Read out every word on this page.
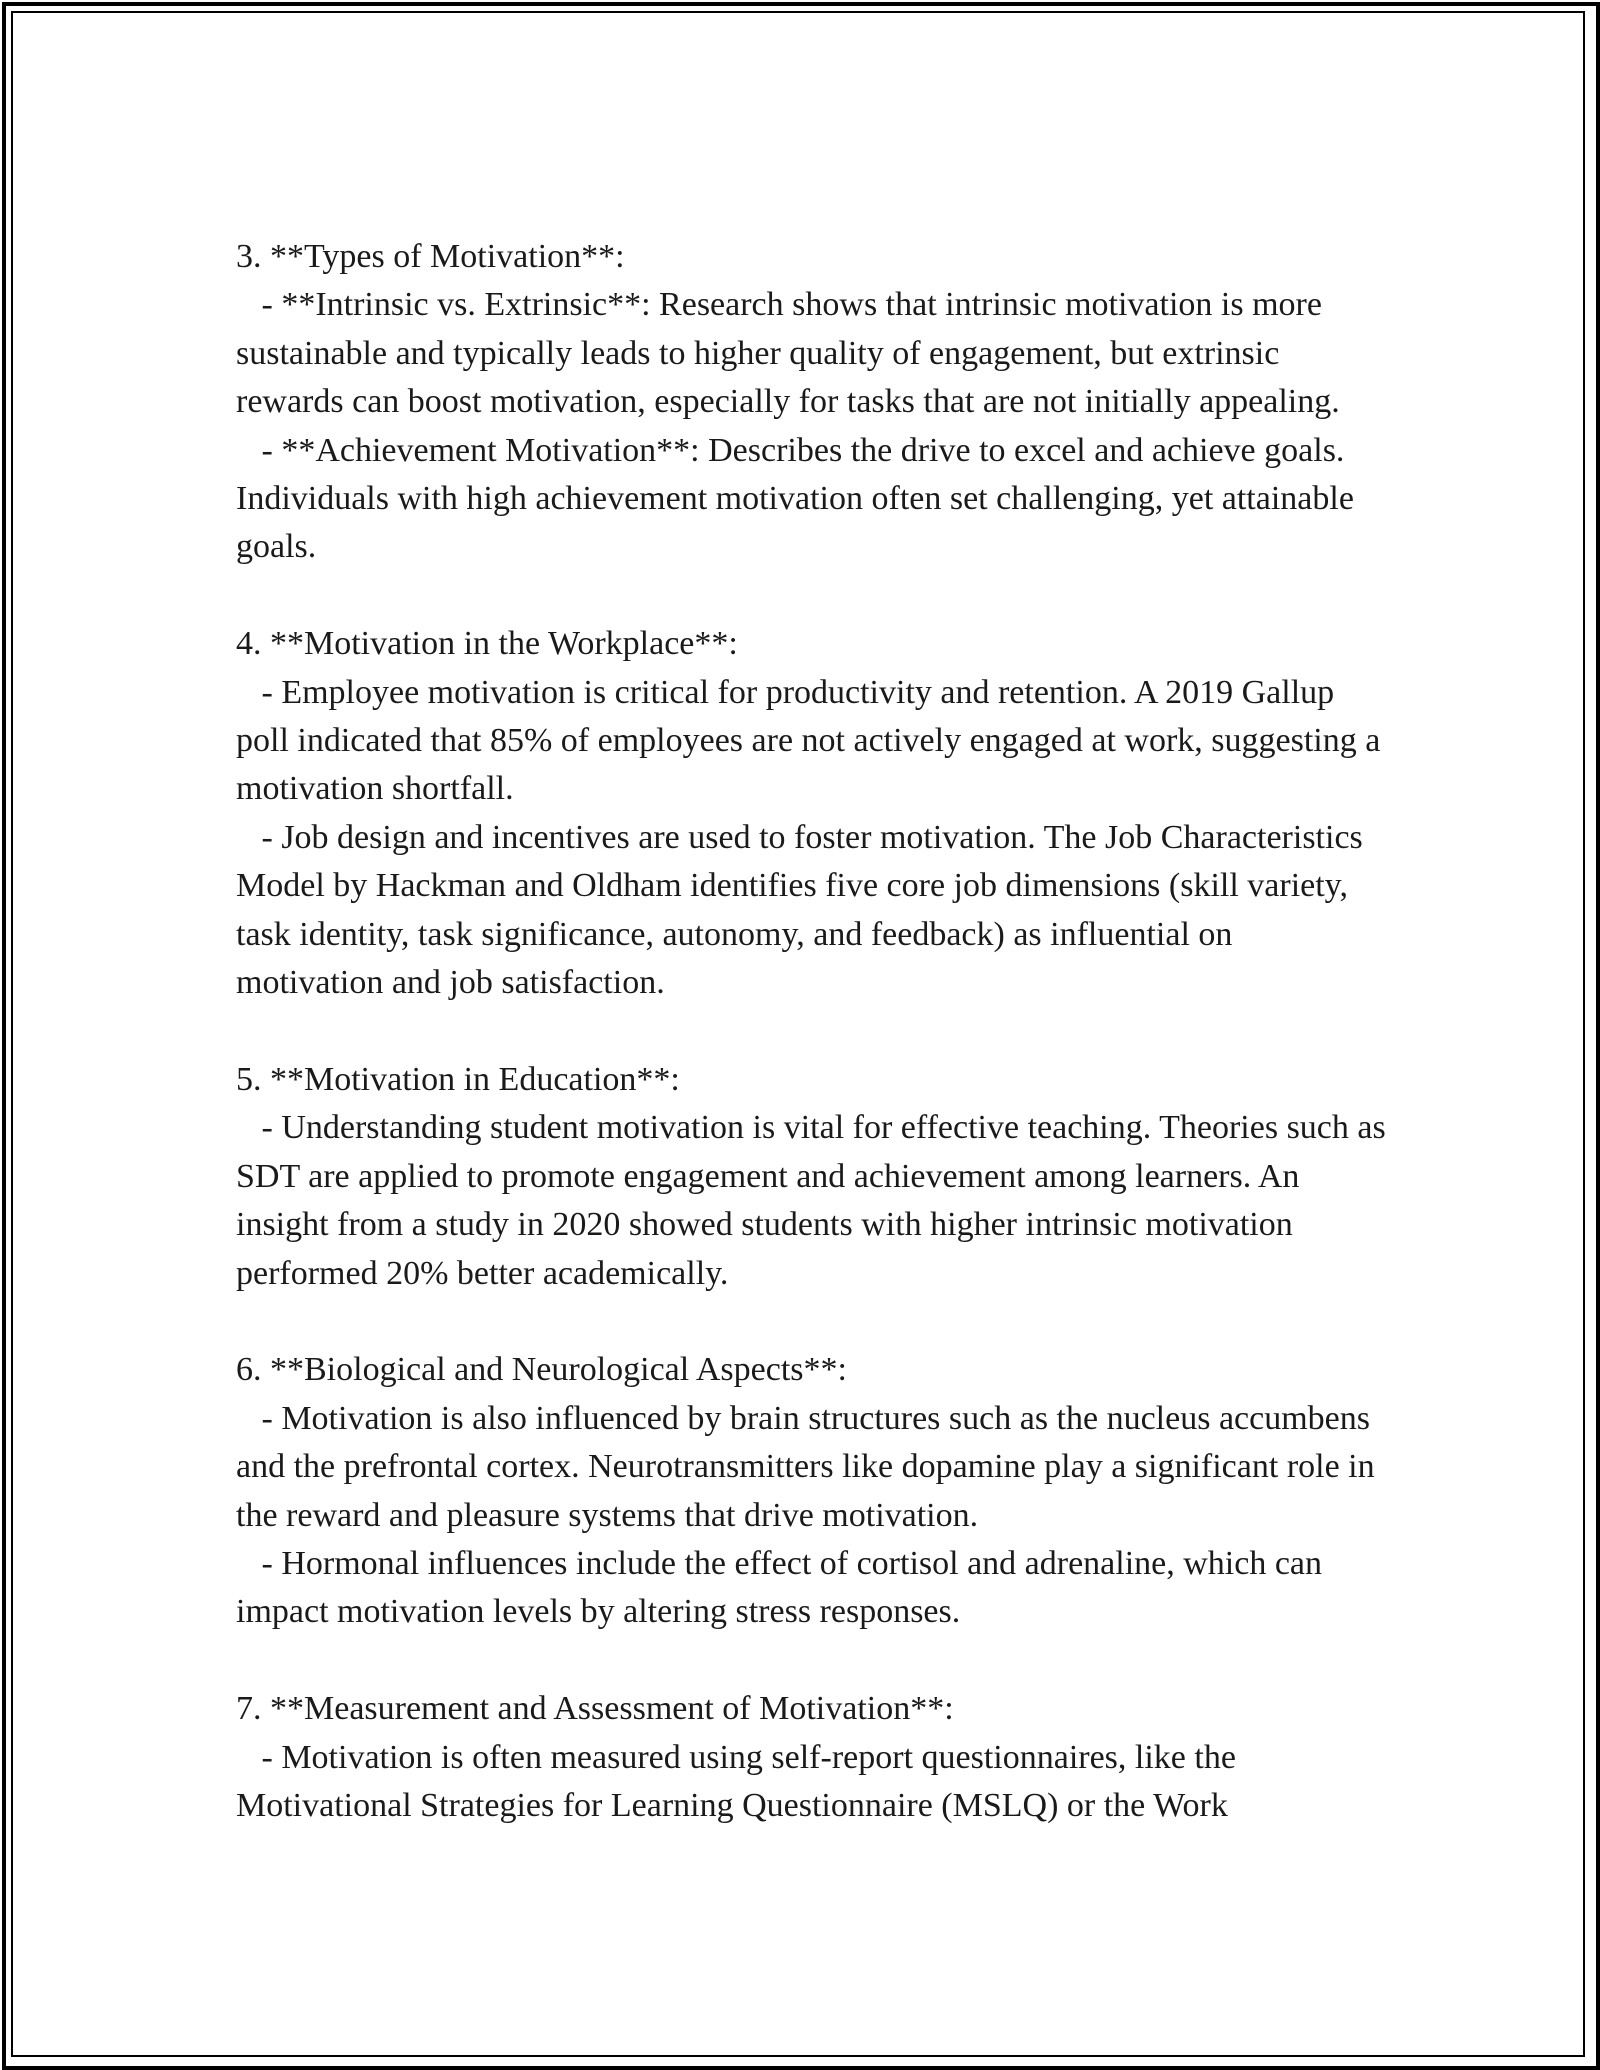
3. **Types of Motivation**:

- **Intrinsic vs. Extrinsic**: Research shows that intrinsic motivation is more sustainable and typically leads to higher quality of engagement, but extrinsic rewards can boost motivation, especially for tasks that are not initially appealing.

- **Achievement Motivation**: Describes the drive to excel and achieve goals. Individuals with high achievement motivation often set challenging, yet attainable goals.

4. **Motivation in the Workplace**:

- Employee motivation is critical for productivity and retention. A 2019 Gallup poll indicated that 85% of employees are not actively engaged at work, suggesting a motivation shortfall.

- Job design and incentives are used to foster motivation. The Job Characteristics Model by Hackman and Oldham identifies five core job dimensions (skill variety, task identity, task significance, autonomy, and feedback) as influential on motivation and job satisfaction.

5. **Motivation in Education**:

- Understanding student motivation is vital for effective teaching. Theories such as SDT are applied to promote engagement and achievement among learners. An insight from a study in 2020 showed students with higher intrinsic motivation performed 20% better academically.

6. **Biological and Neurological Aspects**:

- Motivation is also influenced by brain structures such as the nucleus accumbens and the prefrontal cortex. Neurotransmitters like dopamine play a significant role in the reward and pleasure systems that drive motivation.

- Hormonal influences include the effect of cortisol and adrenaline, which can impact motivation levels by altering stress responses.

7. **Measurement and Assessment of Motivation**:

- Motivation is often measured using self-report questionnaires, like the Motivational Strategies for Learning Questionnaire (MSLQ) or the Work
